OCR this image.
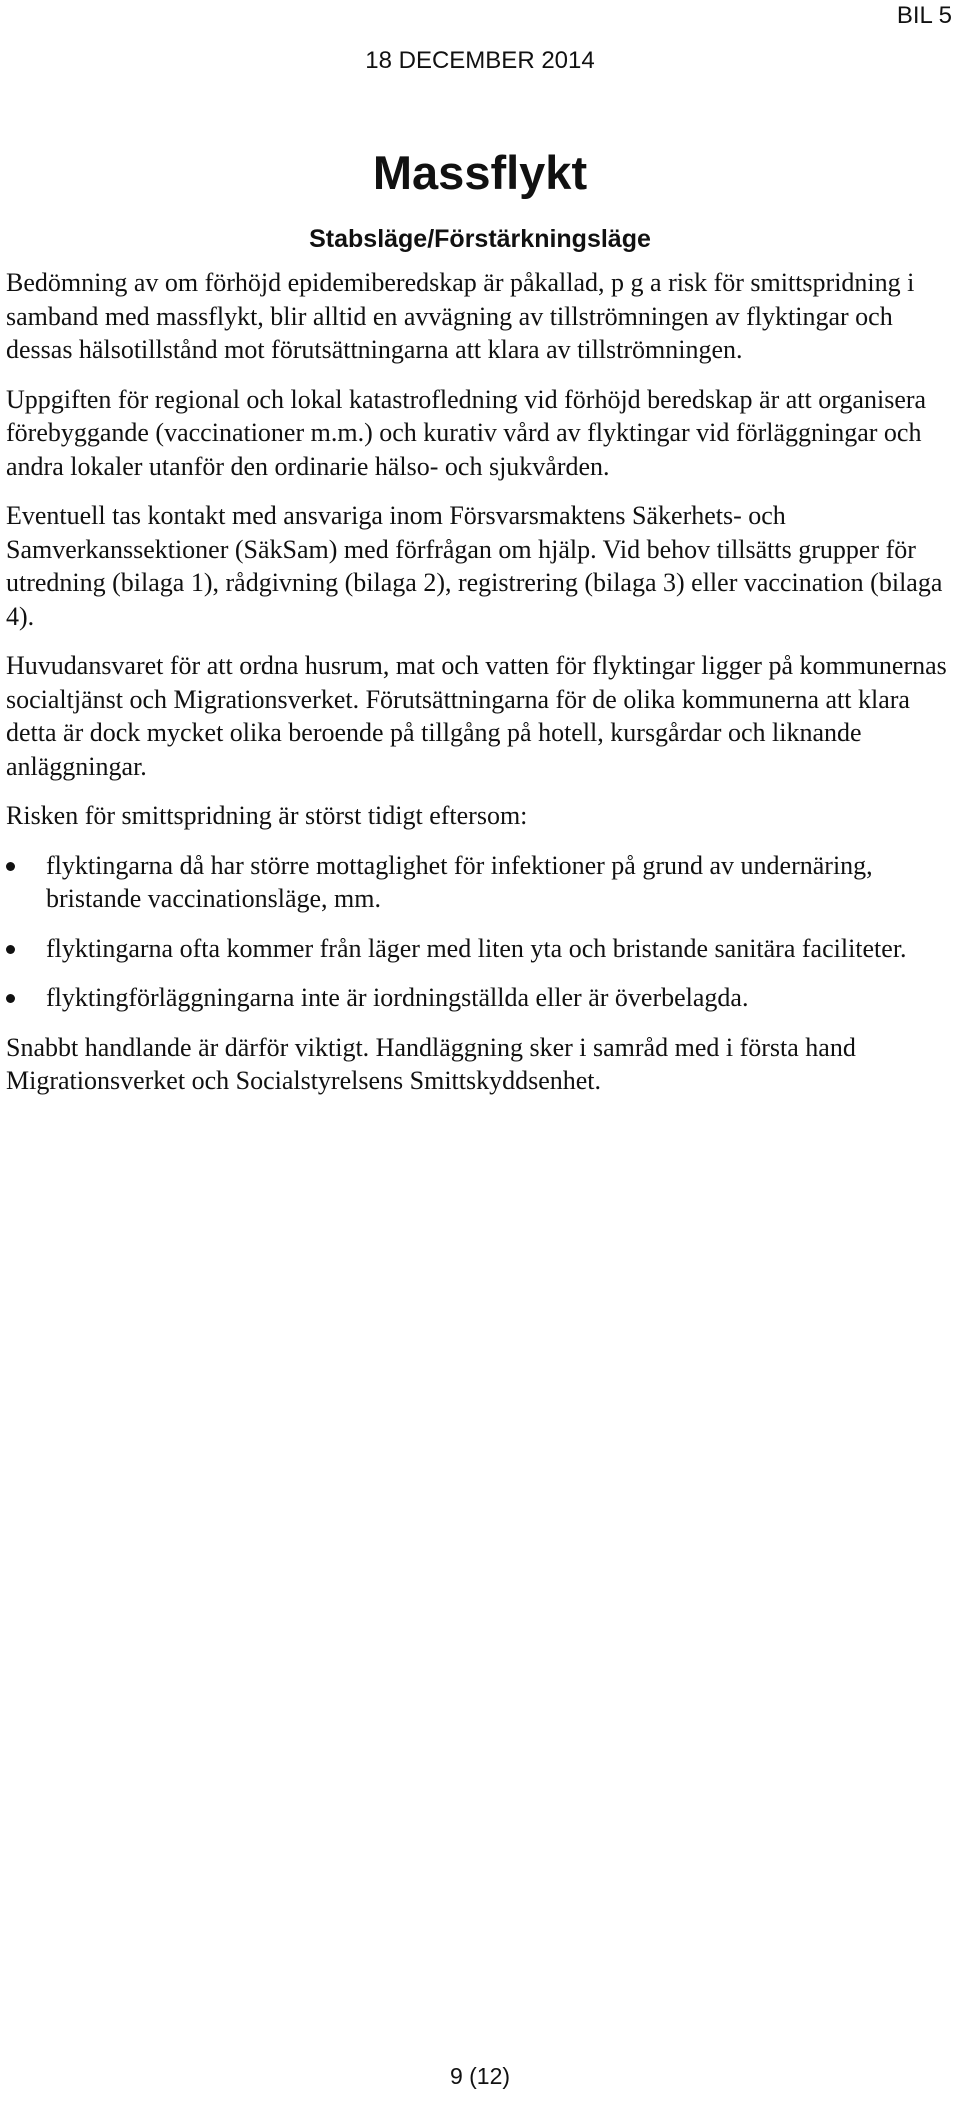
BIL 5
18 DECEMBER 2014
Massflykt
Stabsläge/Förstärkningsläge

Bedömning av om förhöjd epidemiberedskap är påkallad, p g a risk för smittspridning i samband med massflykt, blir alltid en avvägning av tillströmningen av flyktingar och dessas hälsotillstånd mot förutsättningarna att klara av tillströmningen.

Uppgiften för regional och lokal katastrofledning vid förhöjd beredskap är att organisera förebyggande (vaccinationer m.m.) och kurativ vård av flyktingar vid förläggningar och andra lokaler utanför den ordinarie hälso- och sjukvården.

Eventuell tas kontakt med ansvariga inom Försvarsmaktens Säkerhets- och Samverkanssektioner (SäkSam) med förfrågan om hjälp. Vid behov tillsätts grupper för utredning (bilaga 1), rådgivning (bilaga 2), registrering (bilaga 3) eller vaccination (bilaga 4).

Huvudansvaret för att ordna husrum, mat och vatten för flyktingar ligger på kommunernas socialtjänst och Migrationsverket. Förutsättningarna för de olika kommunerna att klara detta är dock mycket olika beroende på tillgång på hotell, kursgårdar och liknande anläggningar.

Risken för smittspridning är störst tidigt eftersom:

flyktingarna då har större mottaglighet för infektioner på grund av undernäring, bristande vaccinationsläge, mm.
flyktingarna ofta kommer från läger med liten yta och bristande sanitära faciliteter.
flyktingförläggningarna inte är iordningställda eller är överbelagda.

Snabbt handlande är därför viktigt. Handläggning sker i samråd med i första hand Migrationsverket och Socialstyrelsens Smittskyddsenhet.

9 (12)
